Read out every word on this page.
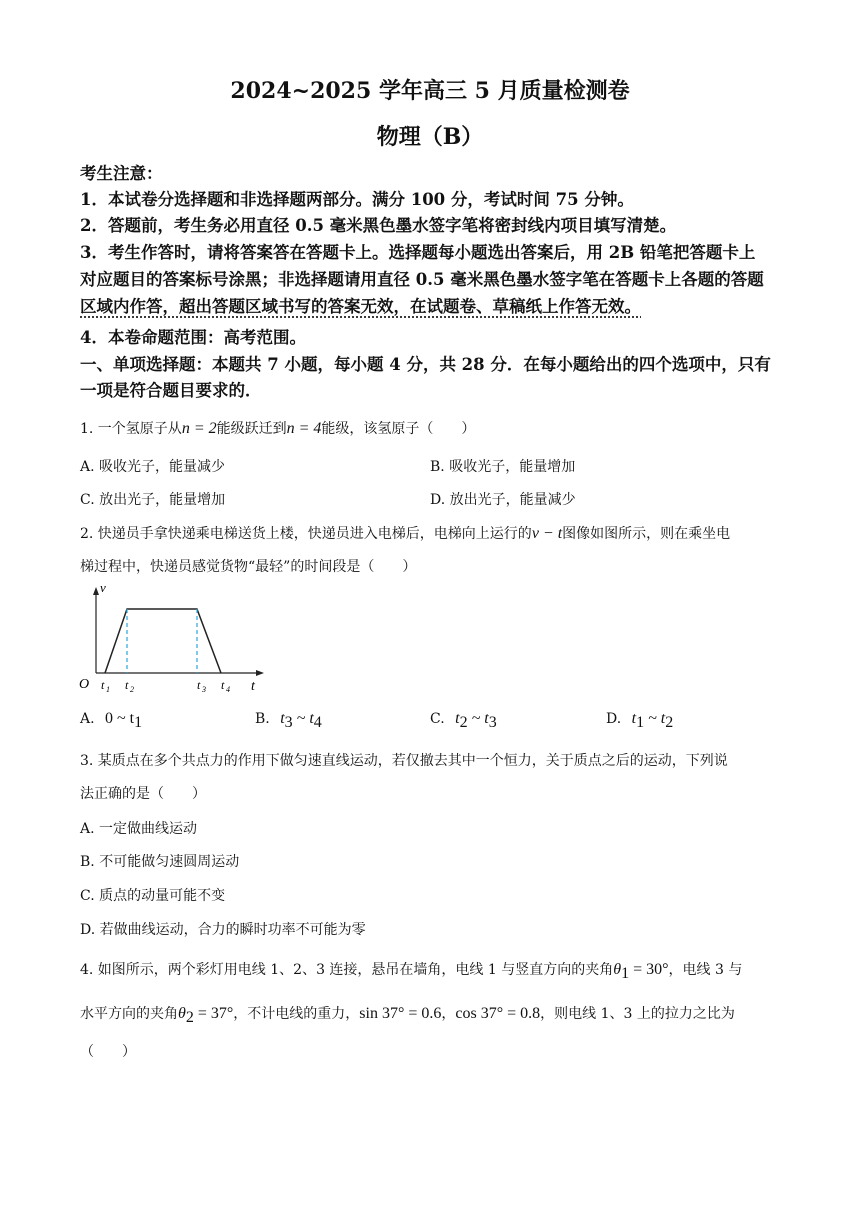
2024~2025 学年高三 5 月质量检测卷
物理（B）
考生注意：
1．本试卷分选择题和非选择题两部分。满分 100 分，考试时间 75 分钟。
2．答题前，考生务必用直径 0.5 毫米黑色墨水签字笔将密封线内项目填写清楚。
3．考生作答时，请将答案答在答题卡上。选择题每小题选出答案后，用 2B 铅笔把答题卡上
对应题目的答案标号涂黑；非选择题请用直径 0.5 毫米黑色墨水签字笔在答题卡上各题的答题
区域内作答，超出答题区域书写的答案无效，在试题卷、草稿纸上作答无效。
4．本卷命题范围：高考范围。
一、单项选择题：本题共 7 小题，每小题 4 分，共 28 分．在每小题给出的四个选项中，只有
一项是符合题目要求的．
1. 一个氢原子从n = 2能级跃迁到n = 4能级，该氢原子（　　）
A. 吸收光子，能量减少	B. 吸收光子，能量增加
C. 放出光子，能量增加	D. 放出光子，能量减少
2. 快递员手拿快递乘电梯送货上楼，快递员进入电梯后，电梯向上运行的v − t图像如图所示，则在乘坐电
梯过程中，快递员感觉货物“最轻”的时间段是（　　）
v
O	t
t 1 t 2	t 3 t 4
A. 0 ~ $t_1$	B. $t_3$ ~ $t_4$	C. $t_2$ ~ $t_3$	D. $t_1$ ~ $t_2$
3. 某质点在多个共点力的作用下做匀速直线运动，若仅撤去其中一个恒力，关于质点之后的运动，下列说
法正确的是（　　）
A. 一定做曲线运动
B. 不可能做匀速圆周运动
C. 质点的动量可能不变
D. 若做曲线运动，合力的瞬时功率不可能为零
4. 如图所示，两个彩灯用电线 1、2、3 连接，悬吊在墙角，电线 1 与竖直方向的夹角$\theta_1 = 30^\circ$，电线 3 与
水平方向的夹角$\theta_2 = 37^\circ$，不计电线的重力，sin 37° = 0.6，cos 37° = 0.8，则电线 1、3 上的拉力之比为
（　　）
